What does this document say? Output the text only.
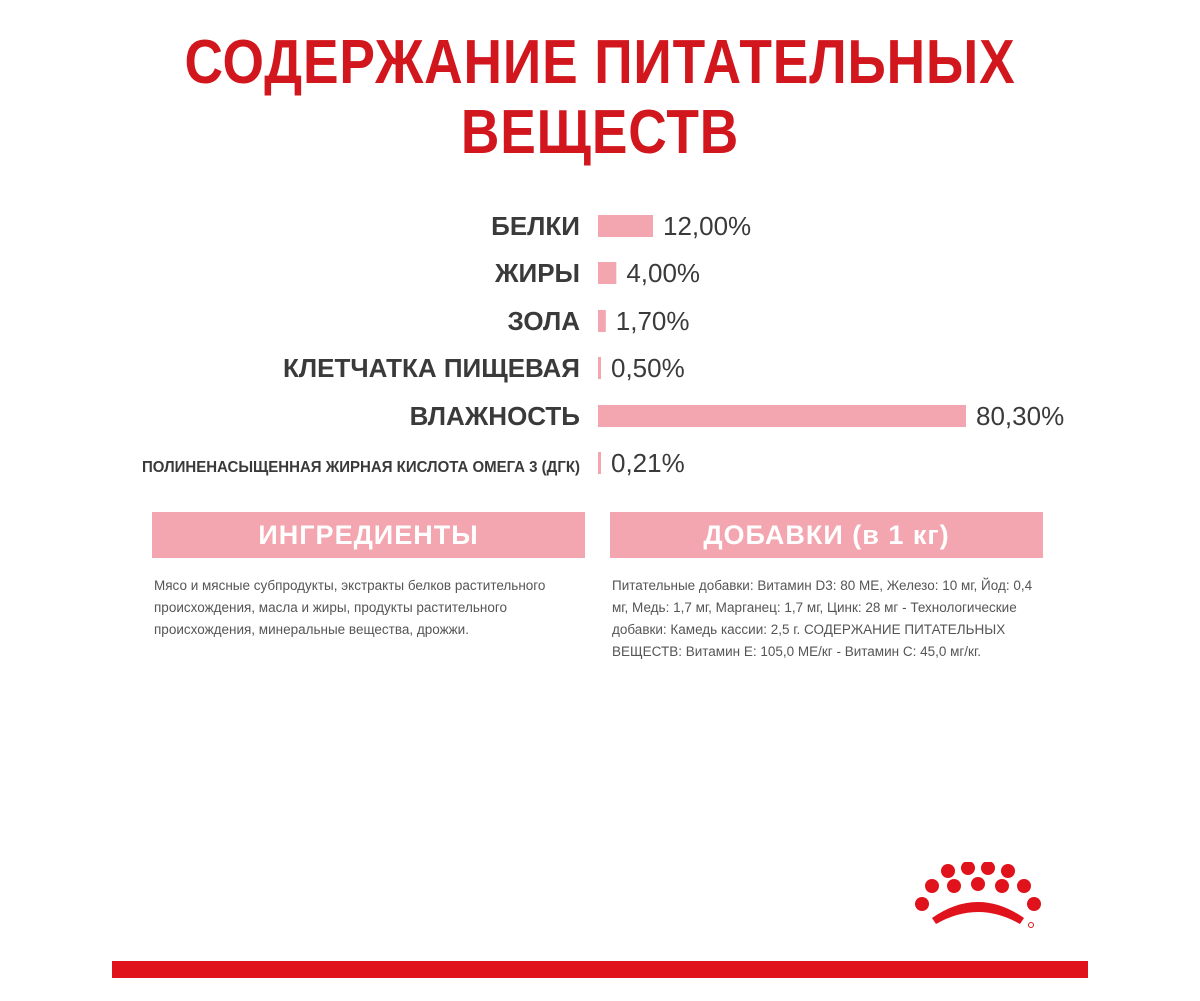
СОДЕРЖАНИЕ ПИТАТЕЛЬНЫХ
ВЕЩЕСТВ
БЕЛКИ	12,00%
ЖИРЫ 4,00%
ЗОЛА 1,70%
КЛЕТЧАТКА ПИЩЕВАЯ 0,50%
ВЛАЖНОСТЬ	80,30%
ПОЛИНЕНАСЫЩЕННАЯ ЖИРНАЯ КИСЛОТА ОМЕГА 3 (ДГК) 0,21%
ИНГРЕДИЕНТЫ	ДОБАВКИ (в 1 кг)
Мясо и мясные субпродукты, экстракты белков растительного происхождения, масла и жиры, продукты растительного происхождения, минеральные вещества, дрожжи.
Питательные добавки: Витамин D3: 80 МЕ, Железо: 10 мг, Йод: 0,4 мг, Медь: 1,7 мг, Марганец: 1,7 мг, Цинк: 28 мг - Технологические добавки: Камедь кассии: 2,5 г. СОДЕРЖАНИЕ ПИТАТЕЛЬНЫХ ВЕЩЕСТВ: Витамин E: 105,0 МЕ/кг - Витамин C: 45,0 мг/кг.
